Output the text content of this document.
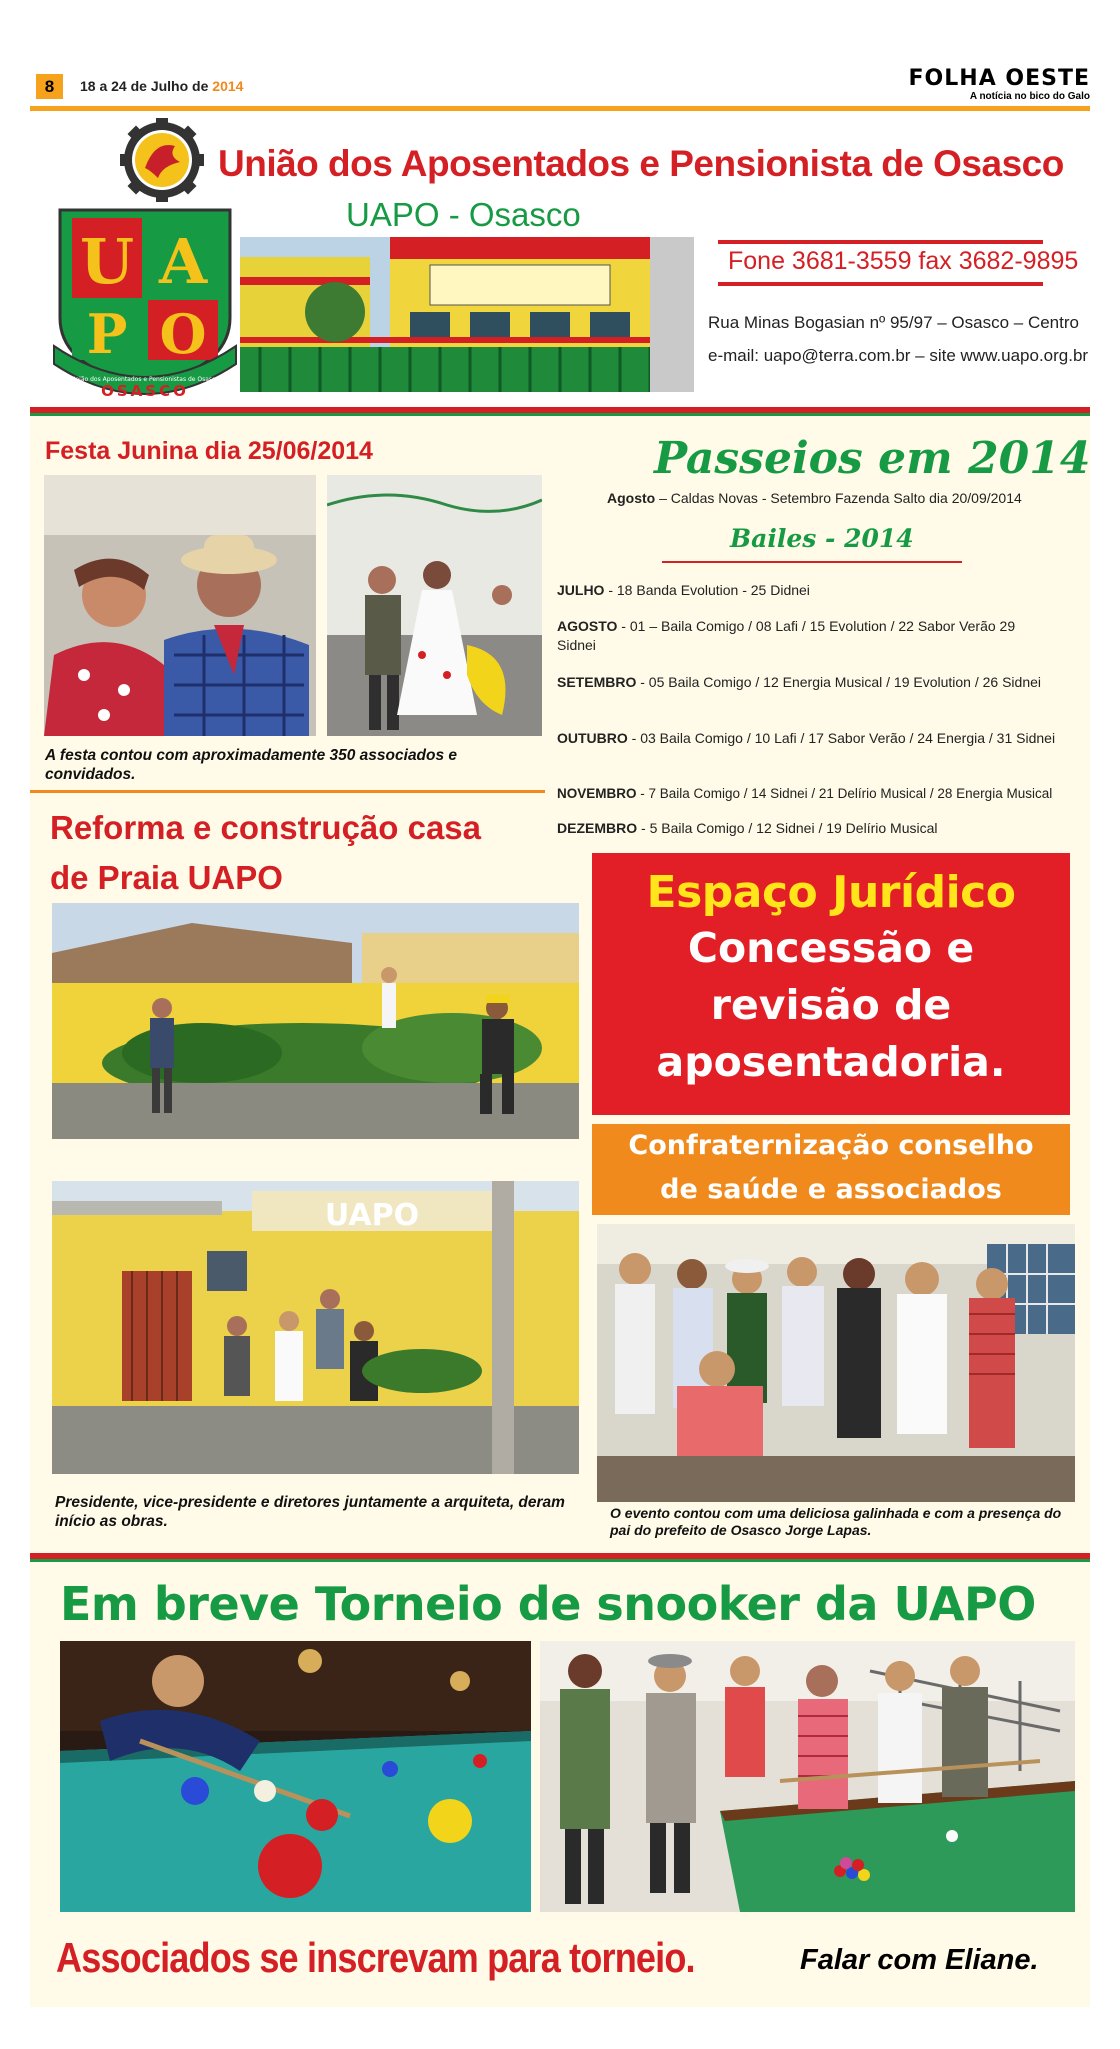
8	18 a 24 de Julho de 2014	FOLHA OESTE
A notícia no bico do Galo
U A
P O
União dos Aposentados e Pensionistas de Osasco
OSASCO
União dos Aposentados e Pensionista de Osasco
UAPO - Osasco
Fone 3681-3559 fax 3682-9895
Rua Minas Bogasian nº 95/97 – Osasco – Centro
e-mail: uapo@terra.com.br – site www.uapo.org.br
Festa Junina dia 25/06/2014
A festa contou com aproximadamente 350 associados e convidados.
Reforma e construção casa
de Praia UAPO
UAPO
Presidente, vice-presidente e diretores juntamente a arquiteta, deram início as obras.
Passeios em 2014
Agosto – Caldas Novas - Setembro Fazenda Salto dia 20/09/2014
Bailes - 2014
JULHO - 18 Banda Evolution - 25 Didnei
AGOSTO - 01 – Baila Comigo / 08 Lafi / 15 Evolution / 22 Sabor Verão 29 Sidnei
SETEMBRO - 05 Baila Comigo / 12 Energia Musical / 19 Evolution / 26 Sidnei
OUTUBRO - 03 Baila Comigo / 10 Lafi / 17 Sabor Verão / 24 Energia / 31 Sidnei
NOVEMBRO - 7 Baila Comigo / 14 Sidnei / 21 Delírio Musical / 28 Energia Musical
DEZEMBRO - 5 Baila Comigo / 12 Sidnei / 19 Delírio Musical
Espaço Jurídico
Concessão e
revisão de
aposentadoria.
Confraternização conselho
de saúde e associados
O evento contou com uma deliciosa galinhada e com a presença do pai do prefeito de Osasco Jorge Lapas.
Em breve Torneio de snooker da UAPO
Associados se inscrevam para torneio.	Falar com Eliane.
